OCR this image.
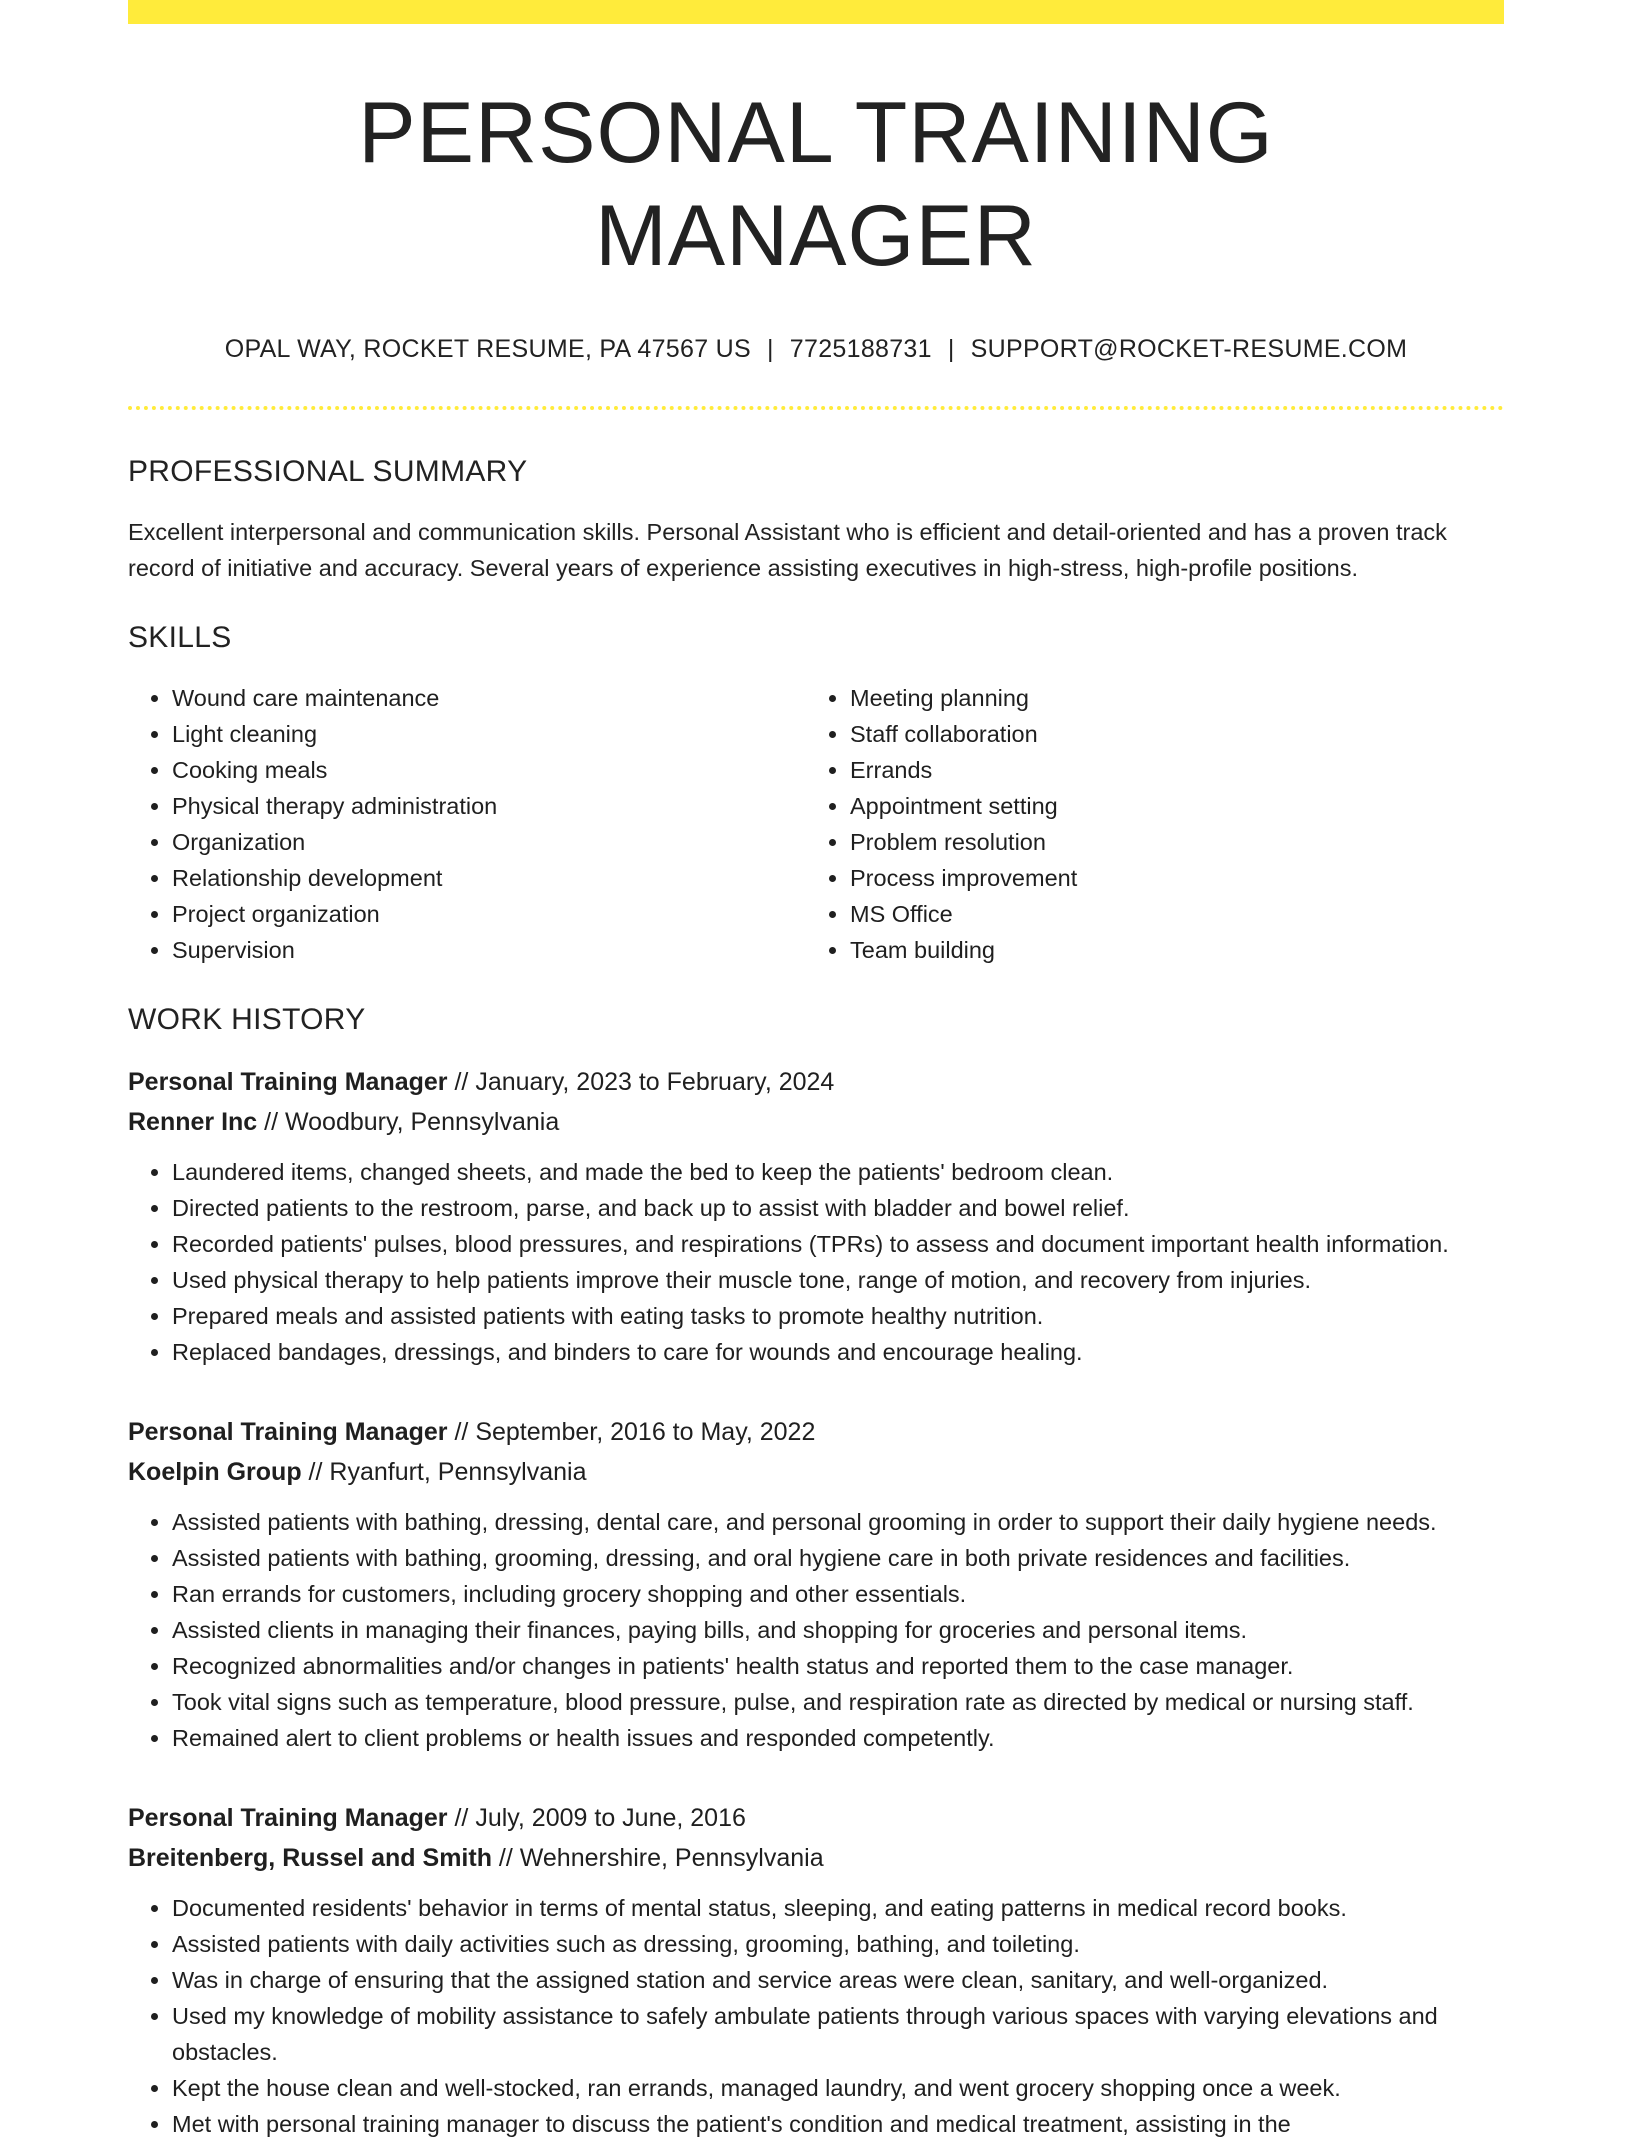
PERSONAL TRAINING MANAGER
OPAL WAY, ROCKET RESUME, PA 47567 US | 7725188731 | SUPPORT@ROCKET-RESUME.COM
PROFESSIONAL SUMMARY

Excellent interpersonal and communication skills. Personal Assistant who is efficient and detail-oriented and has a proven track record of initiative and accuracy. Several years of experience assisting executives in high-stress, high-profile positions.

SKILLS
• Wound care maintenance
• Light cleaning
• Cooking meals
• Physical therapy administration
• Organization
• Relationship development
• Project organization
• Supervision
• Meeting planning
• Staff collaboration
• Errands
• Appointment setting
• Problem resolution
• Process improvement
• MS Office
• Team building
WORK HISTORY
Personal Training Manager // January, 2023 to February, 2024
Renner Inc // Woodbury, Pennsylvania
• Laundered items, changed sheets, and made the bed to keep the patients' bedroom clean.
• Directed patients to the restroom, parse, and back up to assist with bladder and bowel relief.
• Recorded patients' pulses, blood pressures, and respirations (TPRs) to assess and document important health information.
• Used physical therapy to help patients improve their muscle tone, range of motion, and recovery from injuries.
• Prepared meals and assisted patients with eating tasks to promote healthy nutrition.
• Replaced bandages, dressings, and binders to care for wounds and encourage healing.
Personal Training Manager // September, 2016 to May, 2022
Koelpin Group // Ryanfurt, Pennsylvania
• Assisted patients with bathing, dressing, dental care, and personal grooming in order to support their daily hygiene needs.
• Assisted patients with bathing, grooming, dressing, and oral hygiene care in both private residences and facilities.
• Ran errands for customers, including grocery shopping and other essentials.
• Assisted clients in managing their finances, paying bills, and shopping for groceries and personal items.
• Recognized abnormalities and/or changes in patients' health status and reported them to the case manager.
• Took vital signs such as temperature, blood pressure, pulse, and respiration rate as directed by medical or nursing staff.
• Remained alert to client problems or health issues and responded competently.
Personal Training Manager // July, 2009 to June, 2016
Breitenberg, Russel and Smith // Wehnershire, Pennsylvania
• Documented residents' behavior in terms of mental status, sleeping, and eating patterns in medical record books.
• Assisted patients with daily activities such as dressing, grooming, bathing, and toileting.
• Was in charge of ensuring that the assigned station and service areas were clean, sanitary, and well-organized.
• Used my knowledge of mobility assistance to safely ambulate patients through various spaces with varying elevations and obstacles.
• Kept the house clean and well-stocked, ran errands, managed laundry, and went grocery shopping once a week.
• Met with personal training manager to discuss the patient's condition and medical treatment, assisting in the
